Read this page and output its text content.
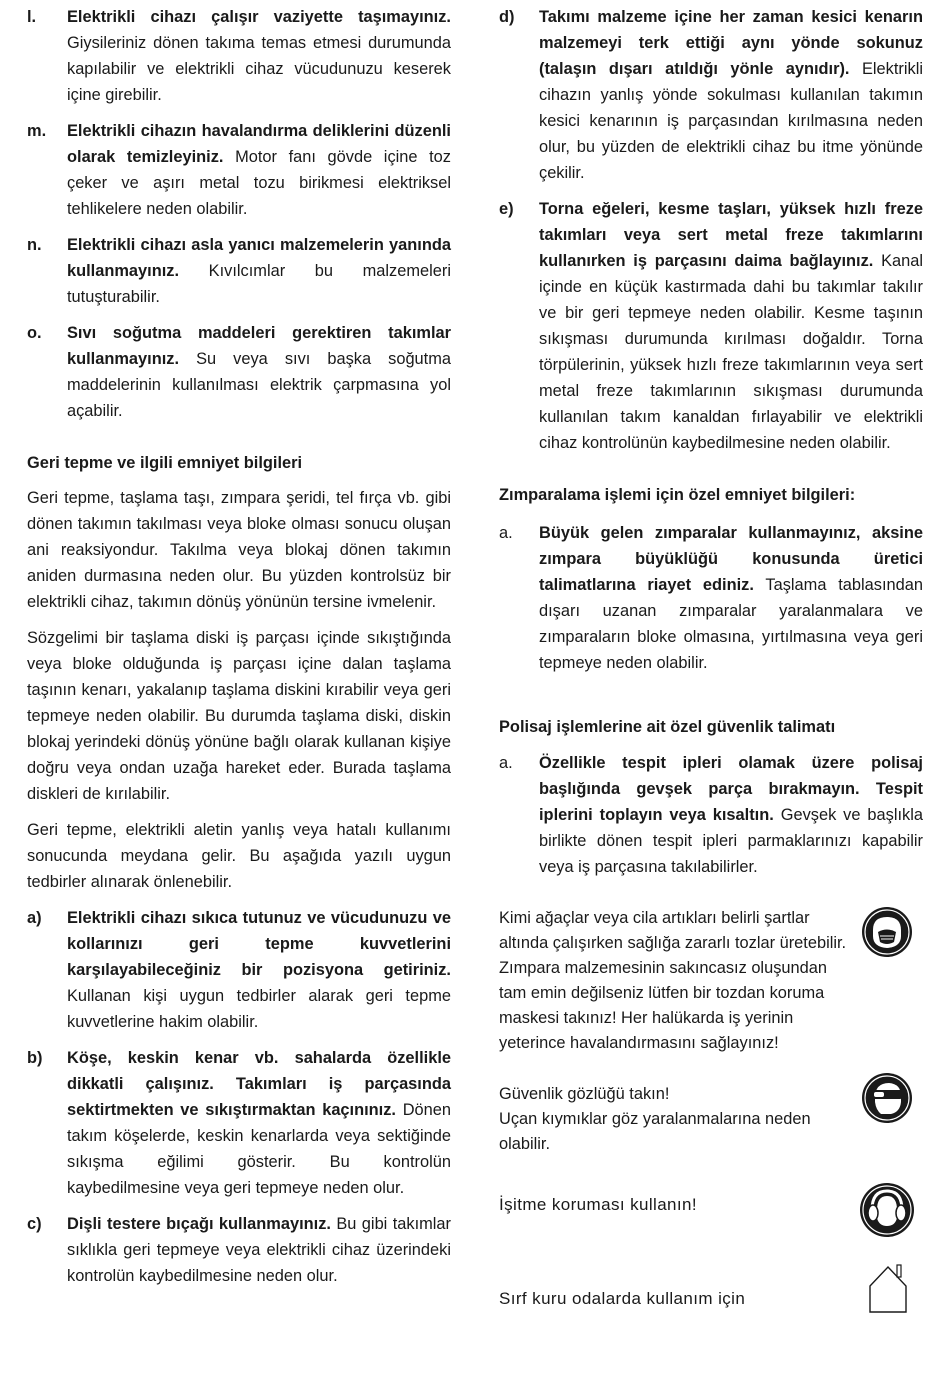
l.	Elektrikli cihazı çalışır vaziyette taşımayınız. Giysileriniz dönen takıma temas etmesi durumunda kapılabilir ve elektrikli cihaz vücudunuzu keserek içine girebilir.
m.	Elektrikli cihazın havalandırma deliklerini düzenli olarak temizleyiniz. Motor fanı gövde içine toz çeker ve aşırı metal tozu birikmesi elektriksel tehlikelere neden olabilir.
n.	Elektrikli cihazı asla yanıcı malzemelerin yanında kullanmayınız. Kıvılcımlar bu malzemeleri tutuşturabilir.
o.	Sıvı soğutma maddeleri gerektiren takımlar kullanmayınız. Su veya sıvı başka soğutma maddelerinin kullanılması elektrik çarpmasına yol açabilir.

Geri tepme ve ilgili emniyet bilgileri

Geri tepme, taşlama taşı, zımpara şeridi, tel fırça vb. gibi dönen takımın takılması veya bloke olması sonucu oluşan ani reaksiyondur. Takılma veya blokaj dönen takımın aniden durmasına neden olur. Bu yüzden kontrolsüz bir elektrikli cihaz, takımın dönüş yönünün tersine ivmelenir.

Sözgelimi bir taşlama diski iş parçası içinde sıkıştığında veya bloke olduğunda iş parçası içine dalan taşlama taşının kenarı, yakalanıp taşlama diskini kırabilir veya geri tepmeye neden olabilir. Bu durumda taşlama diski, diskin blokaj yerindeki dönüş yönüne bağlı olarak kullanan kişiye doğru veya ondan uzağa hareket eder. Burada taşlama diskleri de kırılabilir.

Geri tepme, elektrikli aletin yanlış veya hatalı kullanımı sonucunda meydana gelir. Bu aşağıda yazılı uygun tedbirler alınarak önlenebilir.

a)	Elektrikli cihazı sıkıca tutunuz ve vücudunuzu ve kollarınızı geri tepme kuvvetlerini karşılayabileceğiniz bir pozisyona getiriniz. Kullanan kişi uygun tedbirler alarak geri tepme kuvvetlerine hakim olabilir.
b)	Köşe, keskin kenar vb. sahalarda özellikle dikkatli çalışınız. Takımları iş parçasında sektirtmekten ve sıkıştırmaktan kaçınınız. Dönen takım köşelerde, keskin kenarlarda veya sektiğinde sıkışma eğilimi gösterir. Bu kontrolün kaybedilmesine veya geri tepmeye neden olur.
c)	Dişli testere bıçağı kullanmayınız. Bu gibi takımlar sıklıkla geri tepmeye veya elektrikli cihaz üzerindeki kontrolün kaybedilmesine neden olur.
d)	Takımı malzeme içine her zaman kesici kenarın malzemeyi terk ettiği aynı yönde sokunuz (talaşın dışarı atıldığı yönle aynıdır). Elektrikli cihazın yanlış yönde sokulması kullanılan takımın kesici kenarının iş parçasından kırılmasına neden olur, bu yüzden de elektrikli cihaz bu itme yönünde çekilir.
e)	Torna eğeleri, kesme taşları, yüksek hızlı freze takımları veya sert metal freze takımlarını kullanırken iş parçasını daima bağlayınız. Kanal içinde en küçük kastırmada dahi bu takımlar takılır ve bir geri tepmeye neden olabilir. Kesme taşının sıkışması durumunda kırılması doğaldır. Torna törpülerinin, yüksek hızlı freze takımlarının veya sert metal freze takımlarının sıkışması durumunda kullanılan takım kanaldan fırlayabilir ve elektrikli cihaz kontrolünün kaybedilmesine neden olabilir.

Zımparalama işlemi için özel emniyet bilgileri:

a.	Büyük gelen zımparalar kullanmayınız, aksine zımpara büyüklüğü konusunda üretici talimatlarına riayet ediniz. Taşlama tablasından dışarı uzanan zımparalar yaralanmalara ve zımparaların bloke olmasına, yırtılmasına veya geri tepmeye neden olabilir.

Polisaj işlemlerine ait özel güvenlik talimatı

a.	Özellikle tespit ipleri olamak üzere polisaj başlığında gevşek parça bırakmayın. Tespit iplerini toplayın veya kısaltın. Gevşek ve başlıkla birlikte dönen tespit ipleri parmaklarınızı kapabilir veya iş parçasına takılabilirler.
Kimi ağaçlar veya cila artıkları belirli şartlar altında çalışırken sağlığa zararlı tozlar üretebilir. Zımpara malzemesinin sakıncasız oluşundan tam emin değilseniz lütfen bir tozdan koruma maskesi takınız! Her halükarda iş yerinin yeterince havalandırmasını sağlayınız!
Güvenlik gözlüğü takın!
Uçan kıymıklar göz yaralanmalarına neden olabilir.
İşitme koruması kullanın!
Sırf kuru odalarda kullanım için
